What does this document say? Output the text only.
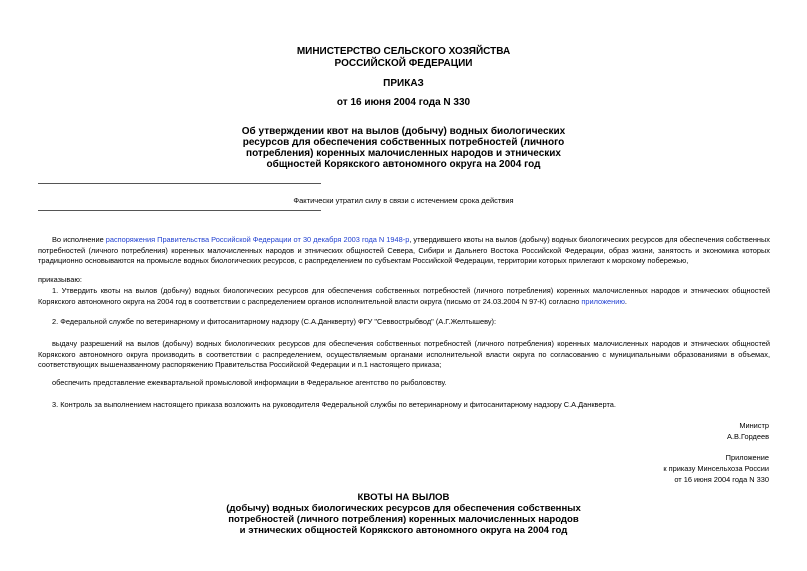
МИНИСТЕРСТВО СЕЛЬСКОГО ХОЗЯЙСТВА
РОССИЙСКОЙ ФЕДЕРАЦИИ
ПРИКАЗ
от 16 июня 2004 года N 330
Об утверждении квот на вылов (добычу) водных биологических
ресурсов для обеспечения собственных потребностей (личного
потребления) коренных малочисленных народов и этнических
общностей Корякского автономного округа на 2004 год
Фактически утратил силу в связи с истечением срока действия
Во исполнение распоряжения Правительства Российской Федерации от 30 декабря 2003 года N 1948-р, утвердившего квоты на вылов (добычу) водных биологических ресурсов для обеспечения собственных потребностей (личного потребления) коренных малочисленных народов и этнических общностей Севера, Сибири и Дальнего Востока Российской Федерации, образ жизни, занятость и экономика которых традиционно основываются на промысле водных биологических ресурсов, с распределением по субъектам Российской Федерации, территории которых прилегают к морскому побережью,
приказываю:
1. Утвердить квоты на вылов (добычу) водных биологических ресурсов для обеспечения собственных потребностей (личного потребления) коренных малочисленных народов и этнических общностей Корякского автономного округа на 2004 год в соответствии с распределением органов исполнительной власти округа (письмо от 24.03.2004 N 97-К) согласно приложению.
2. Федеральной службе по ветеринарному и фитосанитарному надзору (С.А.Данкверту) ФГУ "Севвострыбвод" (А.Г.Желтышеву):
выдачу разрешений на вылов (добычу) водных биологических ресурсов для обеспечения собственных потребностей (личного потребления) коренных малочисленных народов и этнических общностей Корякского автономного округа производить в соответствии с распределением, осуществляемым органами исполнительной власти округа по согласованию с муниципальными образованиями в объемах, соответствующих вышеназванному распоряжению Правительства Российской Федерации и п.1 настоящего приказа;
обеспечить представление ежеквартальной промысловой информации в Федеральное агентство по рыболовству.
3. Контроль за выполнением настоящего приказа возложить на руководителя Федеральной службы по ветеринарному и фитосанитарному надзору С.А.Данкверта.
Министр
А.В.Гордеев
Приложение
к приказу Минсельхоза России
от 16 июня 2004 года N 330
КВОТЫ НА ВЫЛОВ
(добычу) водных биологических ресурсов для обеспечения собственных
потребностей (личного потребления) коренных малочисленных народов
и этнических общностей Корякского автономного округа на 2004 год
